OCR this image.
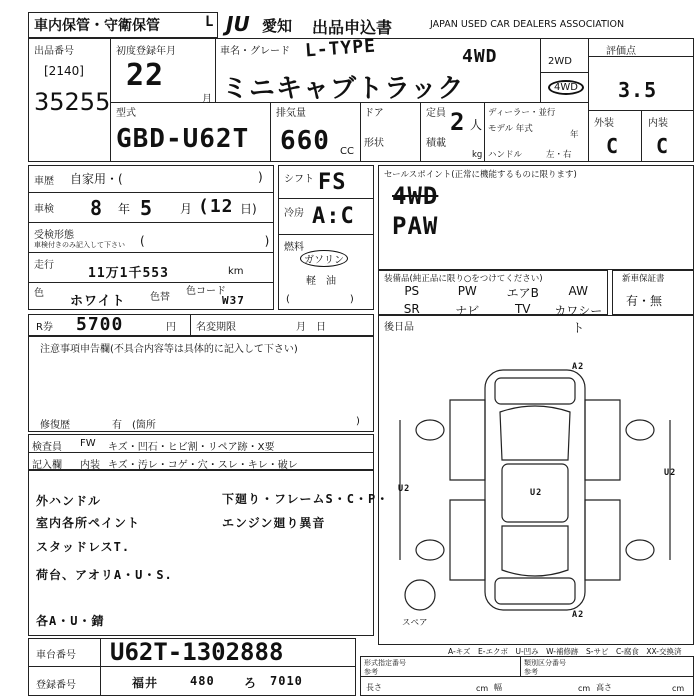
車内保管・守衛保管	L JU 愛知 出品申込書	JAPAN USED CAR DEALERS ASSOCIATION
出品番号
[2140]
35255
初度登録年月
22
月
車名・グレード L-TYPE	4WD
ミニキャブトラック
2WD
4WD
評価点
3.5
外装	内装
C C
型式
GBD-U62T
排気量
660 CC
ドア
形状
定員 2 人
積載
kg
ディーラー・並行
モデル 年式
年
ハンドル	左・右
車歴 自家用・(	)
車検 8 年 5 月 (12 日)
受検形態
車検付きのみ記入して下さい (　　　　　　　　　　)
走行
11万1千553	km
色
ホワイト 色替
色コード
W37
シフト FS
冷房 A:C
燃料
ガソリン
軽　油
(　　　　　　)
セールスポイント(正常に機能するものに限ります)
4WD
PAW
装備品(純正品に限り○をつけてください)
PS	PW	エアB	AW
SR	ナビ	TV	カワシート
新車保証書
有・無
R券 5700	円 名変期限	月　日
注意事項申告欄(不具合内容等は具体的に記入して下さい)
修復歴	有　(箇所	)
検査員
記入欄
FW キズ・凹石・ヒビ割・リペア跡・X要
内装 キズ・汚レ・コゲ・穴・スレ・キレ・破レ
外ハンドル
室内各所ペイント
スタッドレスT.
荷台、アオリA・U・S.
各A・U・錆
下廻り・フレームS・C・P・
エンジン廻り異音
後日品
A2
U2	U2
U2
A2
スペア
A-キズ　E-エクボ　U-凹み　W-補修跡　S-サビ　C-腐食　XX-交換済
車台番号 U62T-1302888
登録番号	福井	480 ろ 7010
形式指定番号
参考
類別区分番号
参考
長さ	cm 幅	cm 高さ	cm
